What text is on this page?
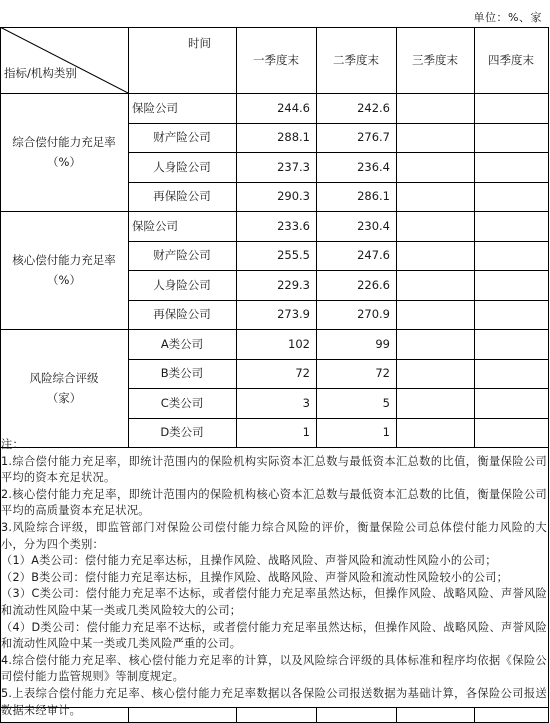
单位：%、家
时间
指标/机构类别
一季度末	二季度末	三季度末	四季度末
综合偿付能力充足率
（%）
保险公司	244.6	242.6
财产险公司	288.1	276.7
人身险公司	237.3	236.4
再保险公司	290.3	286.1
核心偿付能力充足率
（%）
保险公司	233.6	230.4
财产险公司	255.5	247.6
人身险公司	229.3	226.6
再保险公司	273.9	270.9
风险综合评级
（家）
A类公司	102	99
B类公司	72	72
C类公司	3	5
D类公司	1	1

注：

1.综合偿付能力充足率，即统计范围内的保险机构实际资本汇总数与最低资本汇总数的比值，衡量保险公司平均的资本充足状况。

2.核心偿付能力充足率，即统计范围内的保险机构核心资本汇总数与最低资本汇总数的比值，衡量保险公司平均的高质量资本充足状况。

3.风险综合评级，即监管部门对保险公司偿付能力综合风险的评价，衡量保险公司总体偿付能力风险的大小，分为四个类别：

（1）A类公司：偿付能力充足率达标，且操作风险、战略风险、声誉风险和流动性风险小的公司；

（2）B类公司：偿付能力充足率达标，且操作风险、战略风险、声誉风险和流动性风险较小的公司；

（3）C类公司：偿付能力充足率不达标，或者偿付能力充足率虽然达标，但操作风险、战略风险、声誉风险和流动性风险中某一类或几类风险较大的公司；

（4）D类公司：偿付能力充足率不达标，或者偿付能力充足率虽然达标，但操作风险、战略风险、声誉风险和流动性风险中某一类或几类风险严重的公司。

4.综合偿付能力充足率、核心偿付能力充足率的计算，以及风险综合评级的具体标准和程序均依据《保险公司偿付能力监管规则》等制度规定。

5.上表综合偿付能力充足率、核心偿付能力充足率数据以各保险公司报送数据为基础计算，各保险公司报送数据未经审计。
